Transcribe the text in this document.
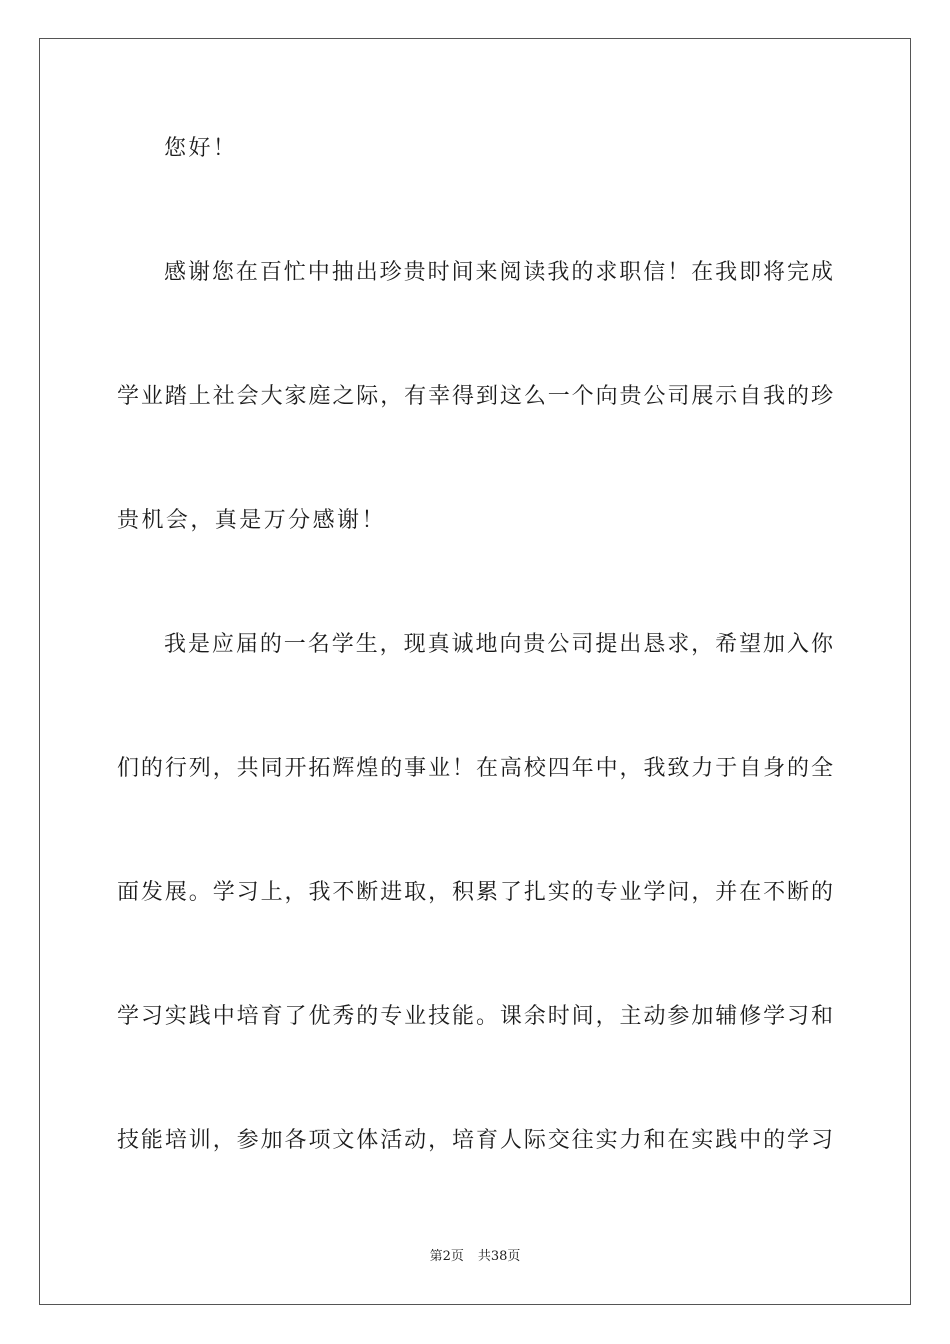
您好！
感谢您在百忙中抽出珍贵时间来阅读我的求职信！在我即将完成
学业踏上社会大家庭之际，有幸得到这么一个向贵公司展示自我的珍
贵机会，真是万分感谢！
我是应届的一名学生，现真诚地向贵公司提出恳求，希望加入你
们的行列，共同开拓辉煌的事业！在高校四年中，我致力于自身的全
面发展。学习上，我不断进取，积累了扎实的专业学问，并在不断的
学习实践中培育了优秀的专业技能。课余时间，主动参加辅修学习和
技能培训，参加各项文体活动，培育人际交往实力和在实践中的学习
第2页 共38页
